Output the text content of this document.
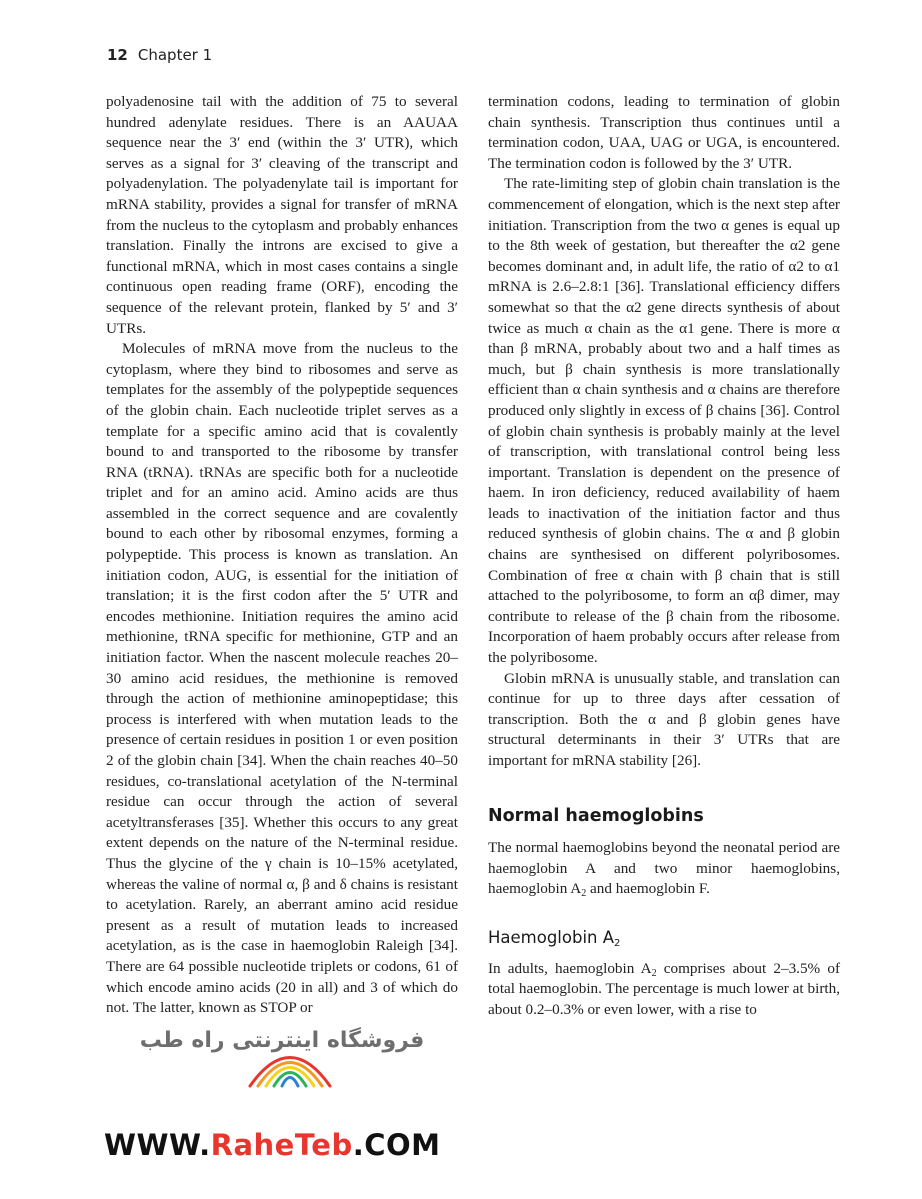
12 Chapter 1

polyadenosine tail with the addition of 75 to several hundred adenylate residues. There is an AAUAA sequence near the 3′ end (within the 3′ UTR), which serves as a signal for 3′ cleaving of the transcript and polyadenylation. The polyadenylate tail is important for mRNA stability, provides a signal for transfer of mRNA from the nucleus to the cytoplasm and probably enhances translation. Finally the introns are excised to give a functional mRNA, which in most cases contains a single continuous open reading frame (ORF), encoding the sequence of the relevant protein, flanked by 5′ and 3′ UTRs.

Molecules of mRNA move from the nucleus to the cytoplasm, where they bind to ribosomes and serve as templates for the assembly of the polypeptide sequences of the globin chain. Each nucleotide triplet serves as a template for a specific amino acid that is covalently bound to and transported to the ribosome by transfer RNA (tRNA). tRNAs are specific both for a nucleotide triplet and for an amino acid. Amino acids are thus assembled in the correct sequence and are covalently bound to each other by ribosomal enzymes, forming a polypeptide. This process is known as translation. An initiation codon, AUG, is essential for the initiation of translation; it is the first codon after the 5′ UTR and encodes methionine. Initiation requires the amino acid methionine, tRNA specific for methionine, GTP and an initiation factor. When the nascent molecule reaches 20–30 amino acid residues, the methionine is removed through the action of methionine aminopeptidase; this process is interfered with when mutation leads to the presence of certain residues in position 1 or even position 2 of the globin chain [34]. When the chain reaches 40–50 residues, co-translational acetylation of the N-terminal residue can occur through the action of several acetyltransferases [35]. Whether this occurs to any great extent depends on the nature of the N-terminal residue. Thus the glycine of the γ chain is 10–15% acetylated, whereas the valine of normal α, β and δ chains is resistant to acetylation. Rarely, an aberrant amino acid residue present as a result of mutation leads to increased acetylation, as is the case in haemoglobin Raleigh [34]. There are 64 possible nucleotide triplets or codons, 61 of which encode amino acids (20 in all) and 3 of which do not. The latter, known as STOP or

termination codons, leading to termination of globin chain synthesis. Transcription thus continues until a termination codon, UAA, UAG or UGA, is encountered. The termination codon is followed by the 3′ UTR.

The rate-limiting step of globin chain translation is the commencement of elongation, which is the next step after initiation. Transcription from the two α genes is equal up to the 8th week of gestation, but thereafter the α2 gene becomes dominant and, in adult life, the ratio of α2 to α1 mRNA is 2.6–2.8:1 [36]. Translational efficiency differs somewhat so that the α2 gene directs synthesis of about twice as much α chain as the α1 gene. There is more α than β mRNA, probably about two and a half times as much, but β chain synthesis is more translationally efficient than α chain synthesis and α chains are therefore produced only slightly in excess of β chains [36]. Control of globin chain synthesis is probably mainly at the level of transcription, with translational control being less important. Translation is dependent on the presence of haem. In iron deficiency, reduced availability of haem leads to inactivation of the initiation factor and thus reduced synthesis of globin chains. The α and β globin chains are synthesised on different polyribosomes. Combination of free α chain with β chain that is still attached to the polyribosome, to form an αβ dimer, may contribute to release of the β chain from the ribosome. Incorporation of haem probably occurs after release from the polyribosome.

Globin mRNA is unusually stable, and translation can continue for up to three days after cessation of transcription. Both the α and β globin genes have structural determinants in their 3′ UTRs that are important for mRNA stability [26].

Normal haemoglobins

The normal haemoglobins beyond the neonatal period are haemoglobin A and two minor haemoglobins, haemoglobin $A_2$ and haemoglobin F.

Haemoglobin $A_2$

In adults, haemoglobin $A_2$ comprises about 2–3.5% of total haemoglobin. The percentage is much lower at birth, about 0.2–0.3% or even lower, with a rise to

فروشگاه اینترنتی راه طب
WWW.RaheTeb.COM
